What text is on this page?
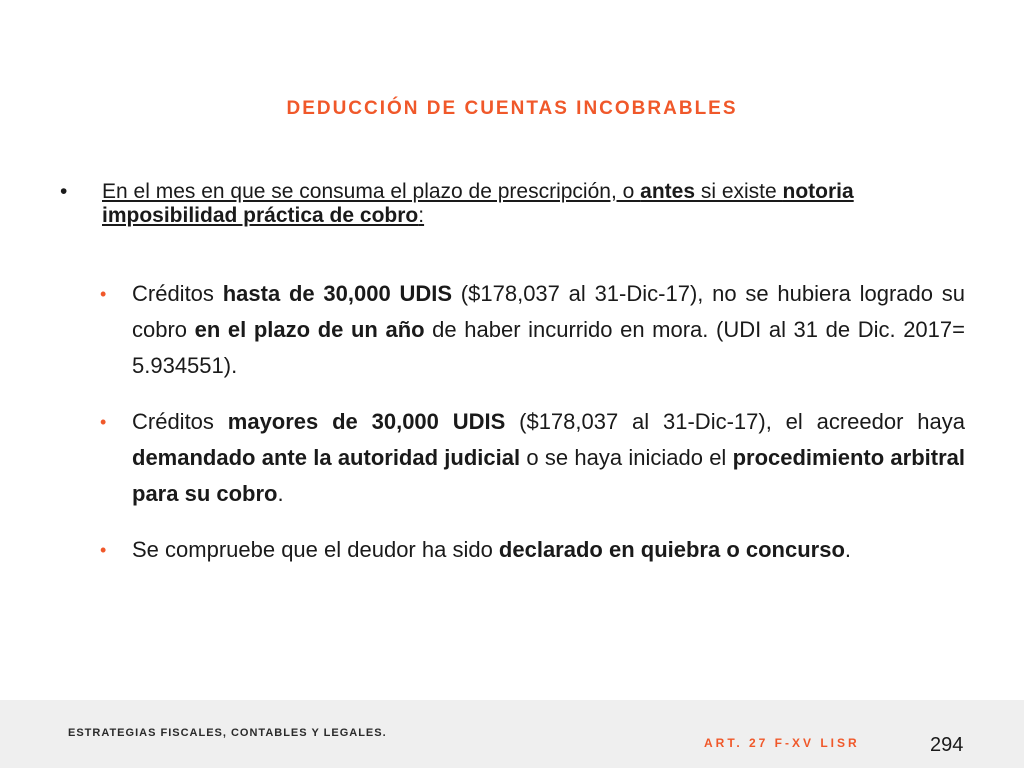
DEDUCCIÓN DE CUENTAS INCOBRABLES
• En el mes en que se consuma el plazo de prescripción, o antes si existe notoria imposibilidad práctica de cobro:
• Créditos hasta de 30,000 UDIS ($178,037 al 31-Dic-17), no se hubiera logrado su cobro en el plazo de un año de haber incurrido en mora. (UDI al 31 de Dic. 2017= 5.934551).
• Créditos mayores de 30,000 UDIS ($178,037 al 31-Dic-17), el acreedor haya demandado ante la autoridad judicial o se haya iniciado el procedimiento arbitral para su cobro.
• Se compruebe que el deudor ha sido declarado en quiebra o concurso.
ESTRATEGIAS FISCALES, CONTABLES Y LEGALES.
ART. 27 F-XV LISR	294
